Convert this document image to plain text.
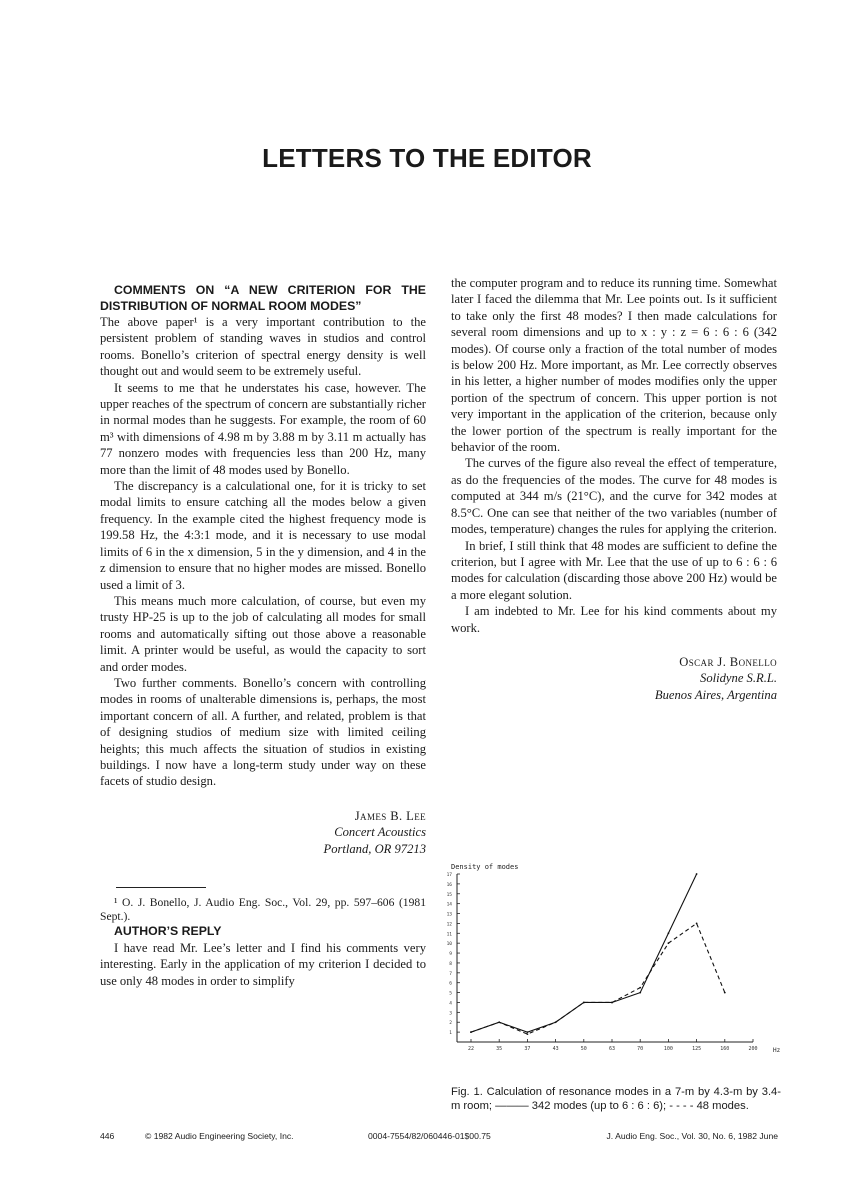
LETTERS TO THE EDITOR

COMMENTS ON “A NEW CRITERION FOR THE DISTRIBUTION OF NORMAL ROOM MODES”

The above paper¹ is a very important contribution to the persistent problem of standing waves in studios and control rooms. Bonello’s criterion of spectral energy density is well thought out and would seem to be extremely useful.

It seems to me that he understates his case, however. The upper reaches of the spectrum of concern are substantially richer in normal modes than he suggests. For example, the room of 60 m³ with dimensions of 4.98 m by 3.88 m by 3.11 m actually has 77 nonzero modes with frequencies less than 200 Hz, many more than the limit of 48 modes used by Bonello.

The discrepancy is a calculational one, for it is tricky to set modal limits to ensure catching all the modes below a given frequency. In the example cited the highest frequency mode is 199.58 Hz, the 4:3:1 mode, and it is necessary to use modal limits of 6 in the x dimension, 5 in the y dimension, and 4 in the z dimension to ensure that no higher modes are missed. Bonello used a limit of 3.

This means much more calculation, of course, but even my trusty HP-25 is up to the job of calculating all modes for small rooms and automatically sifting out those above a reasonable limit. A printer would be useful, as would the capacity to sort and order modes.

Two further comments. Bonello’s concern with controlling modes in rooms of unalterable dimensions is, perhaps, the most important concern of all. A further, and related, problem is that of designing studios of medium size with limited ceiling heights; this much affects the situation of studios in existing buildings. I now have a long-term study under way on these facets of studio design.

James B. Lee
Concert Acoustics
Portland, OR 97213

¹ O. J. Bonello, J. Audio Eng. Soc., Vol. 29, pp. 597–606 (1981 Sept.).

AUTHOR’S REPLY

I have read Mr. Lee’s letter and I find his comments very interesting. Early in the application of my criterion I decided to use only 48 modes in order to simplify

the computer program and to reduce its running time. Somewhat later I faced the dilemma that Mr. Lee points out. Is it sufficient to take only the first 48 modes? I then made calculations for several room dimensions and up to x : y : z = 6 : 6 : 6 (342 modes). Of course only a fraction of the total number of modes is below 200 Hz. More important, as Mr. Lee correctly observes in his letter, a higher number of modes modifies only the upper portion of the spectrum of concern. This upper portion is not very important in the application of the criterion, because only the lower portion of the spectrum is really important for the behavior of the room.

The curves of the figure also reveal the effect of temperature, as do the frequencies of the modes. The curve for 48 modes is computed at 344 m/s (21°C), and the curve for 342 modes at 8.5°C. One can see that neither of the two variables (number of modes, temperature) changes the rules for applying the criterion.

In brief, I still think that 48 modes are sufficient to define the criterion, but I agree with Mr. Lee that the use of up to 6 : 6 : 6 modes for calculation (discarding those above 200 Hz) would be a more elegant solution.

I am indebted to Mr. Lee for his kind comments about my work.

Oscar J. Bonello
Solidyne S.R.L.
Buenos Aires, Argentina
Density of modes
1
2
3
4
5
6
7
8
9
10
11
12
13
14
15
16
17
22	35	37	43	50	63	70	100	125	160	200	Hz

Fig. 1. Calculation of resonance modes in a 7-m by 4.3-m by 3.4-m room; ——— 342 modes (up to 6 : 6 : 6); - - - - 48 modes.

446	© 1982 Audio Engineering Society, Inc.	0004-7554/82/060446-01$00.75	J. Audio Eng. Soc., Vol. 30, No. 6, 1982 June
